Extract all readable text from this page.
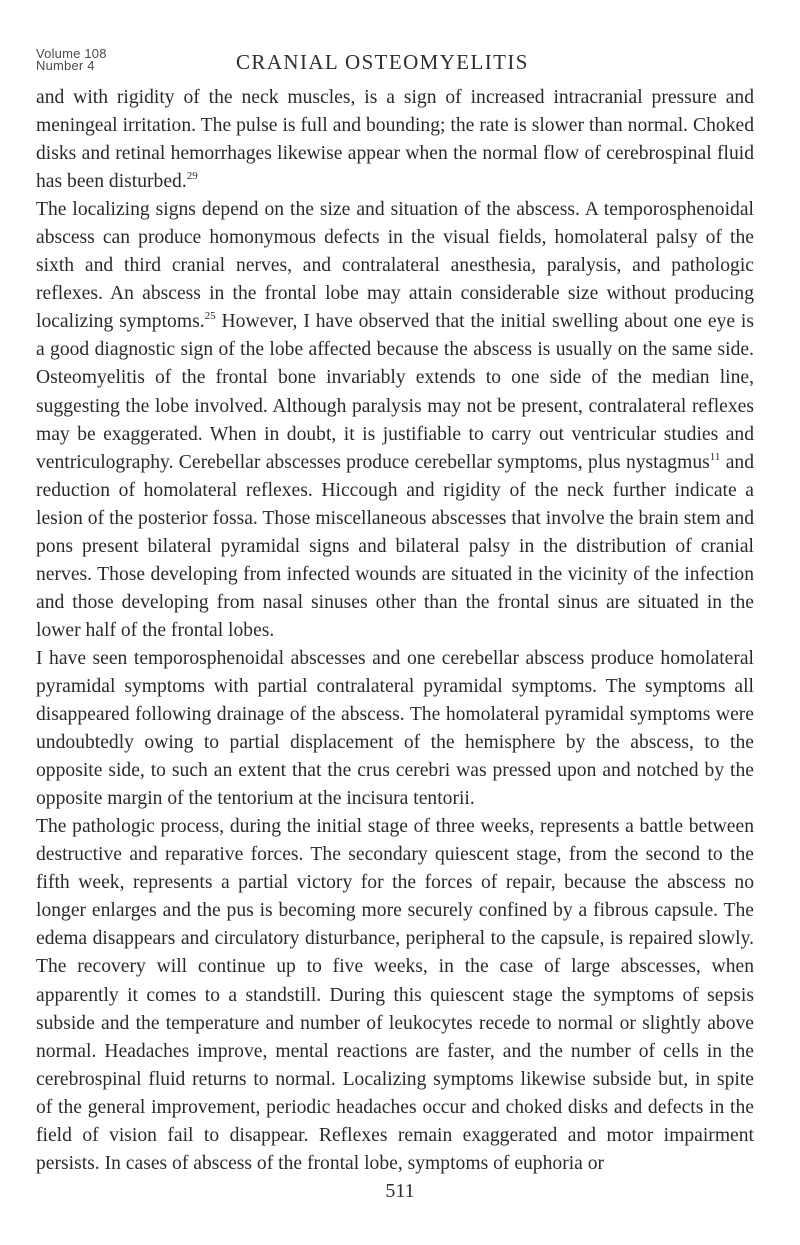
Volume 108
Number 4	CRANIAL OSTEOMYELITIS

and with rigidity of the neck muscles, is a sign of increased intracranial pressure and meningeal irritation. The pulse is full and bounding; the rate is slower than normal. Choked disks and retinal hemorrhages likewise appear when the normal flow of cerebrospinal fluid has been disturbed.$^{29}$

The localizing signs depend on the size and situation of the abscess. A temporosphenoidal abscess can produce homonymous defects in the visual fields, homolateral palsy of the sixth and third cranial nerves, and contralateral anesthesia, paralysis, and pathologic reflexes. An abscess in the frontal lobe may attain considerable size without producing localizing symptoms.$^{25}$ However, I have observed that the initial swelling about one eye is a good diagnostic sign of the lobe affected because the abscess is usually on the same side. Osteomyelitis of the frontal bone invariably extends to one side of the median line, suggesting the lobe involved. Although paralysis may not be present, contralateral reflexes may be exaggerated. When in doubt, it is justifiable to carry out ventricular studies and ventriculography. Cerebellar abscesses produce cerebellar symptoms, plus nystagmus$^{11}$ and reduction of homolateral reflexes. Hiccough and rigidity of the neck further indicate a lesion of the posterior fossa. Those miscellaneous abscesses that involve the brain stem and pons present bilateral pyramidal signs and bilateral palsy in the distribution of cranial nerves. Those developing from infected wounds are situated in the vicinity of the infection and those developing from nasal sinuses other than the frontal sinus are situated in the lower half of the frontal lobes.

I have seen temporosphenoidal abscesses and one cerebellar abscess produce homolateral pyramidal symptoms with partial contralateral pyramidal symptoms. The symptoms all disappeared following drainage of the abscess. The homolateral pyramidal symptoms were undoubtedly owing to partial displacement of the hemisphere by the abscess, to the opposite side, to such an extent that the crus cerebri was pressed upon and notched by the opposite margin of the tentorium at the incisura tentorii.

The pathologic process, during the initial stage of three weeks, represents a battle between destructive and reparative forces. The secondary quiescent stage, from the second to the fifth week, represents a partial victory for the forces of repair, because the abscess no longer enlarges and the pus is becoming more securely confined by a fibrous capsule. The edema disappears and circulatory disturbance, peripheral to the capsule, is repaired slowly. The recovery will continue up to five weeks, in the case of large abscesses, when apparently it comes to a standstill. During this quiescent stage the symptoms of sepsis subside and the temperature and number of leukocytes recede to normal or slightly above normal. Headaches improve, mental reactions are faster, and the number of cells in the cerebrospinal fluid returns to normal. Localizing symptoms likewise subside but, in spite of the general improvement, periodic headaches occur and choked disks and defects in the field of vision fail to disappear. Reflexes remain exaggerated and motor impairment persists. In cases of abscess of the frontal lobe, symptoms of euphoria or

511
